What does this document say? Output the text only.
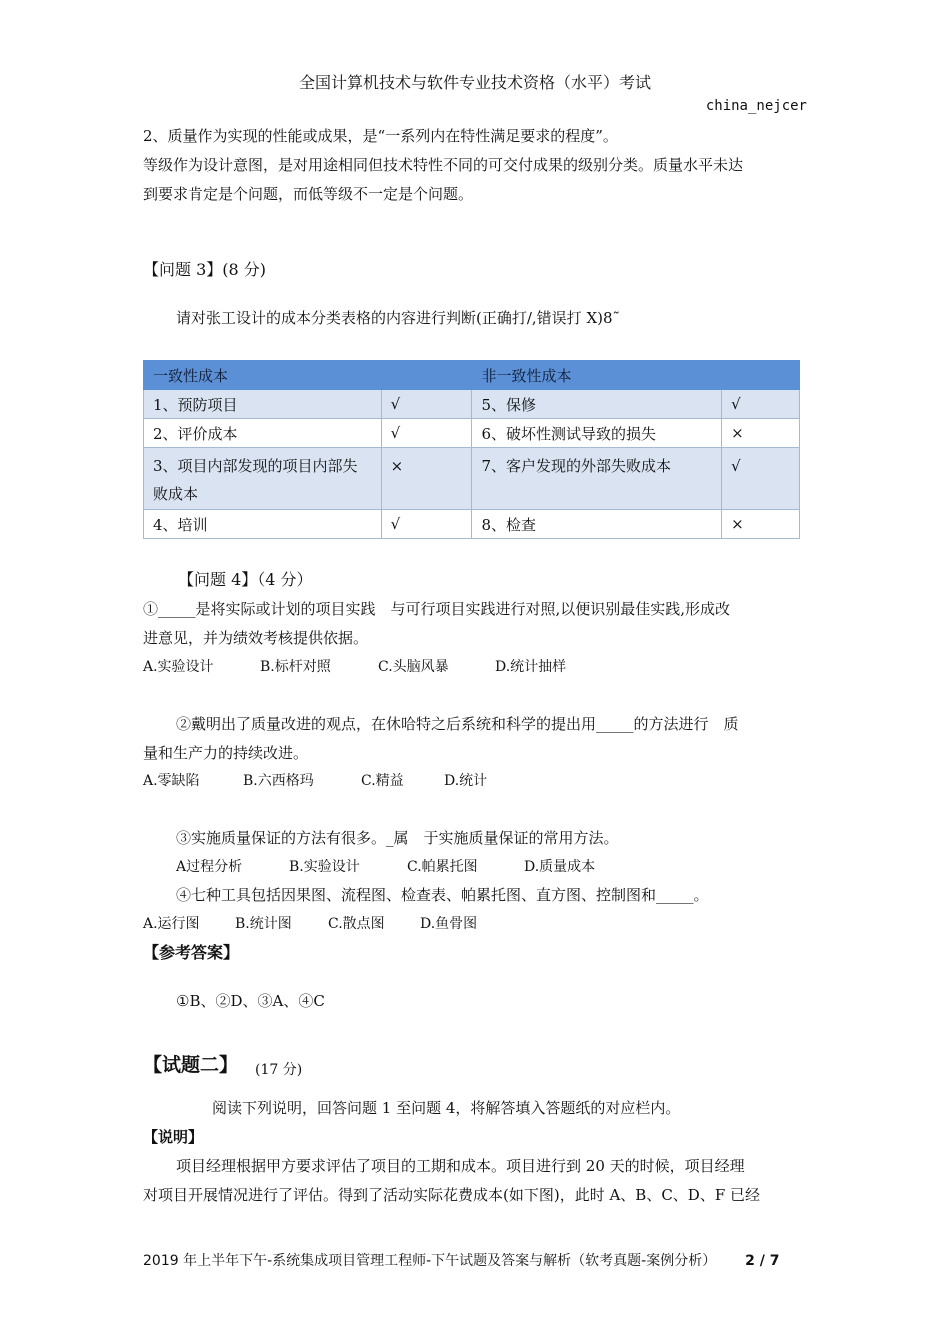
全国计算机技术与软件专业技术资格（水平）考试
china_nejcer
2、质量作为实现的性能或成果，是“一系列内在特性满足要求的程度”。
等级作为设计意图，是对用途相同但技术特性不同的可交付成果的级别分类。质量水平未达
到要求肯定是个问题，而低等级不一定是个问题。
【问题 3】(8 分)
请对张工设计的成本分类表格的内容进行判断(正确打/,错误打 X)8˜
一致性成本		非一致性成本	
1、预防项目	√	5、保修	√
2、评价成本	√	6、破坏性测试导致的损失	×
3、项目内部发现的项目内部失败成本	×	7、客户发现的外部失败成本	√
4、培训	√	8、检查	×
【问题 4】（4 分）
①_____是将实际或计划的项目实践　与可行项目实践进行对照,以便识别最佳实践,形成改
进意见，并为绩效考核提供依据。
A.实验设计	B.标杆对照	C.头脑风暴	D.统计抽样
②戴明出了质量改进的观点，在休哈特之后系统和科学的提出用_____的方法进行　质
量和生产力的持续改进。
A.零缺陷	B.六西格玛	C.精益	D.统计
③实施质量保证的方法有很多。_属　于实施质量保证的常用方法。
A过程分析	B.实验设计	C.帕累托图	D.质量成本
④七种工具包括因果图、流程图、检查表、帕累托图、直方图、控制图和_____。
A.运行图	B.统计图	C.散点图	D.鱼骨图
【参考答案】
①B、②D、③A、④C
【试题二】 (17 分)
阅读下列说明，回答问题 1 至问题 4，将解答填入答题纸的对应栏内。
【说明】
项目经理根据甲方要求评估了项目的工期和成本。项目进行到 20 天的时候，项目经理
对项目开展情况进行了评估。得到了活动实际花费成本(如下图)，此时 A、B、C、D、F 已经
2019 年上半年下午-系统集成项目管理工程师-下午试题及答案与解析（软考真题-案例分析） 2 / 7
